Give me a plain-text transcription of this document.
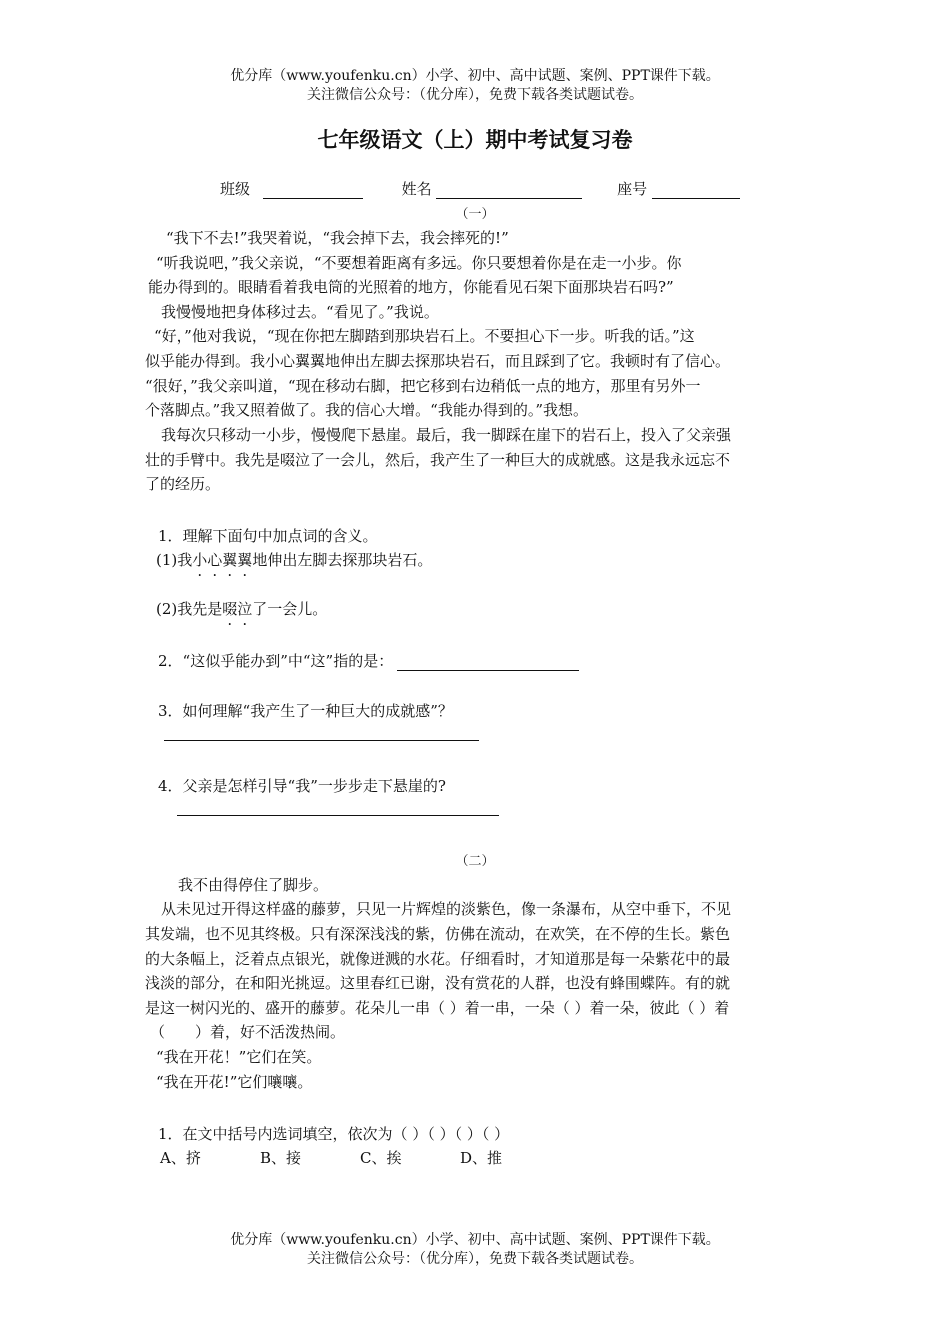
优分库（www.youfenku.cn）小学、初中、高中试题、案例、PPT课件下载。
关注微信公众号：（优分库），免费下载各类试题试卷。
七年级语文（上）期中考试复习卷
班级	姓名	座号
（一）
“我下不去!”我哭着说，“我会掉下去，我会摔死的!”
“听我说吧，”我父亲说，“不要想着距离有多远。你只要想着你是在走一小步。你
能办得到的。眼睛看着我电筒的光照着的地方，你能看见石架下面那块岩石吗?”
我慢慢地把身体移过去。“看见了。”我说。
“好，”他对我说，“现在你把左脚踏到那块岩石上。不要担心下一步。听我的话。”这
似乎能办得到。我小心翼翼地伸出左脚去探那块岩石，而且踩到了它。我顿时有了信心。
“很好，”我父亲叫道，“现在移动右脚，把它移到右边稍低一点的地方，那里有另外一
个落脚点。”我又照着做了。我的信心大增。“我能办得到的。”我想。
我每次只移动一小步，慢慢爬下悬崖。最后，我一脚踩在崖下的岩石上，投入了父亲强
壮的手臂中。我先是啜泣了一会儿，然后，我产生了一种巨大的成就感。这是我永远忘不
了的经历。
1．理解下面句中加点词的含义。
(1)我小心翼翼地伸出左脚去探那块岩石。
(2)我先是啜泣了一会儿。
2．“这似乎能办到”中“这”指的是：
3．如何理解“我产生了一种巨大的成就感”？
4．父亲是怎样引导“我”一步步走下悬崖的?
（二）
我不由得停住了脚步。
从未见过开得这样盛的藤萝，只见一片辉煌的淡紫色，像一条瀑布，从空中垂下，不见
其发端，也不见其终极。只有深深浅浅的紫，仿佛在流动，在欢笑，在不停的生长。紫色
的大条幅上，泛着点点银光，就像迸溅的水花。仔细看时，才知道那是每一朵紫花中的最
浅淡的部分，在和阳光挑逗。这里春红已谢，没有赏花的人群，也没有蜂围蝶阵。有的就
是这一树闪光的、盛开的藤萝。花朵儿一串（ ）着一串，一朵（ ）着一朵，彼此（ ）着
（　　）着，好不活泼热闹。
“我在开花！”它们在笑。
“我在开花!”它们嚷嚷。
1．在文中括号内选词填空，依次为（ ）（ ）（ ）（ ）
A、挤	B、接	C、挨	D、推
优分库（www.youfenku.cn）小学、初中、高中试题、案例、PPT课件下载。
关注微信公众号：（优分库），免费下载各类试题试卷。
